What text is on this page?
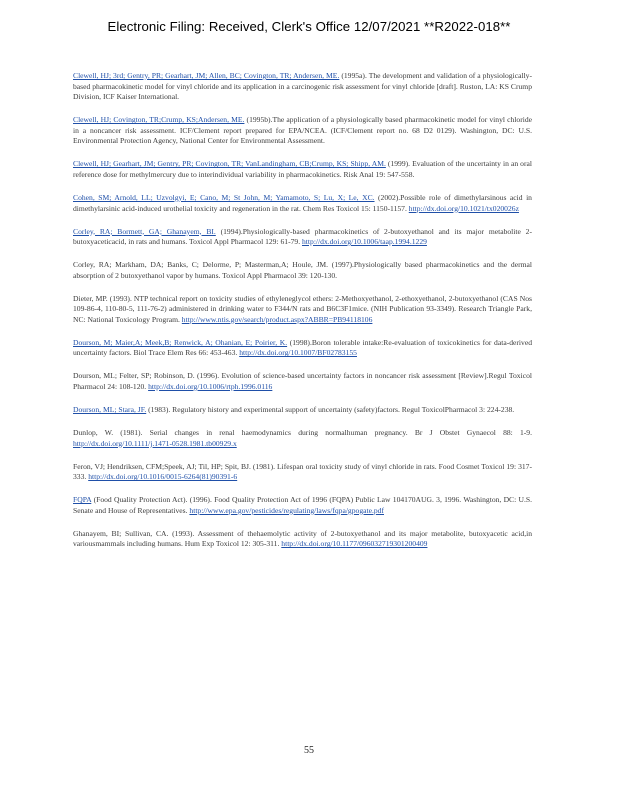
Electronic Filing: Received, Clerk's Office 12/07/2021 **R2022-018**

Clewell, HJ; 3rd; Gentry, PR; Gearhart, JM; Allen, BC; Covington, TR; Andersen, ME. (1995a). The development and validation of a physiologically-based pharmacokinetic model for vinyl chloride and its application in a carcinogenic risk assessment for vinyl chloride [draft]. Ruston, LA: KS Crump Division, ICF Kaiser International.

Clewell, HJ; Covington, TR;Crump, KS;Andersen, ME. (1995b).The application of a physiologically based pharmacokinetic model for vinyl chloride in a noncancer risk assessment. ICF/Clement report prepared for EPA/NCEA. (ICF/Clement report no. 68 D2 0129). Washington, DC: U.S. Environmental Protection Agency, National Center for Environmental Assessment.

Clewell, HJ; Gearhart, JM; Gentry, PR; Covington, TR; VanLandingham, CB;Crump, KS; Shipp, AM. (1999). Evaluation of the uncertainty in an oral reference dose for methylmercury due to interindividual variability in pharmacokinetics. Risk Anal 19: 547-558.

Cohen, SM; Arnold, LL; Uzvolgyi, E; Cano, M; St John, M; Yamamoto, S; Lu, X; Le, XC. (2002).Possible role of dimethylarsinous acid in dimethylarsinic acid-induced urothelial toxicity and regeneration in the rat. Chem Res Toxicol 15: 1150-1157. http://dx.doi.org/10.1021/tx020026z

Corley, RA; Bormett, GA; Ghanayem, BI. (1994).Physiologically-based pharmacokinetics of 2-butoxyethanol and its major metabolite 2-butoxyaceticacid, in rats and humans. Toxicol Appl Pharmacol 129: 61-79. http://dx.doi.org/10.1006/taap.1994.1229

Corley, RA; Markham, DA; Banks, C; Delorme, P; Masterman,A; Houle, JM. (1997).Physiologically based pharmacokinetics and the dermal absorption of 2 butoxyethanol vapor by humans. Toxicol Appl Pharmacol 39: 120-130.

Dieter, MP. (1993). NTP technical report on toxicity studies of ethyleneglycol ethers: 2-Methoxyethanol, 2-ethoxyethanol, 2-butoxyethanol (CAS Nos 109-86-4, 110-80-5, 111-76-2) administered in drinking water to F344/N rats and B6C3F1mice. (NIH Publication 93-3349). Research Triangle Park, NC: National Toxicology Program. http://www.ntis.gov/search/product.aspx?ABBR=PB94118106

Dourson, M; Maier,A; Meek,B; Renwick, A; Ohanian, E; Poirier, K. (1998).Boron tolerable intake:Re-evaluation of toxicokinetics for data-derived uncertainty factors. Biol Trace Elem Res 66: 453-463. http://dx.doi.org/10.1007/BF02783155

Dourson, ML; Felter, SP; Robinson, D. (1996). Evolution of science-based uncertainty factors in noncancer risk assessment [Review].Regul Toxicol Pharmacol 24: 108-120. http://dx.doi.org/10.1006/rtph.1996.0116

Dourson, ML; Stara, JF. (1983). Regulatory history and experimental support of uncertainty (safety)factors. Regul ToxicolPharmacol 3: 224-238.

Dunlop, W. (1981). Serial changes in renal haemodynamics during normalhuman pregnancy. Br J Obstet Gynaecol 88: 1-9. http://dx.doi.org/10.1111/j.1471-0528.1981.tb00929.x

Feron, VJ; Hendriksen, CFM;Speek, AJ; Til, HP; Spit, BJ. (1981). Lifespan oral toxicity study of vinyl chloride in rats. Food Cosmet Toxicol 19: 317-333. http://dx.doi.org/10.1016/0015-6264(81)90391-6

FQPA (Food Quality Protection Act). (1996). Food Quality Protection Act of 1996 (FQPA) Public Law 104170AUG. 3, 1996. Washington, DC: U.S. Senate and House of Representatives. http://www.epa.gov/pesticides/regulating/laws/fqpa/gpogate.pdf

Ghanayem, BI; Sullivan, CA. (1993). Assessment of thehaemolytic activity of 2-butoxyethanol and its major metabolite, butoxyacetic acid,in variousmammals including humans. Hum Exp Toxicol 12: 305-311. http://dx.doi.org/10.1177/096032719301200409

55
